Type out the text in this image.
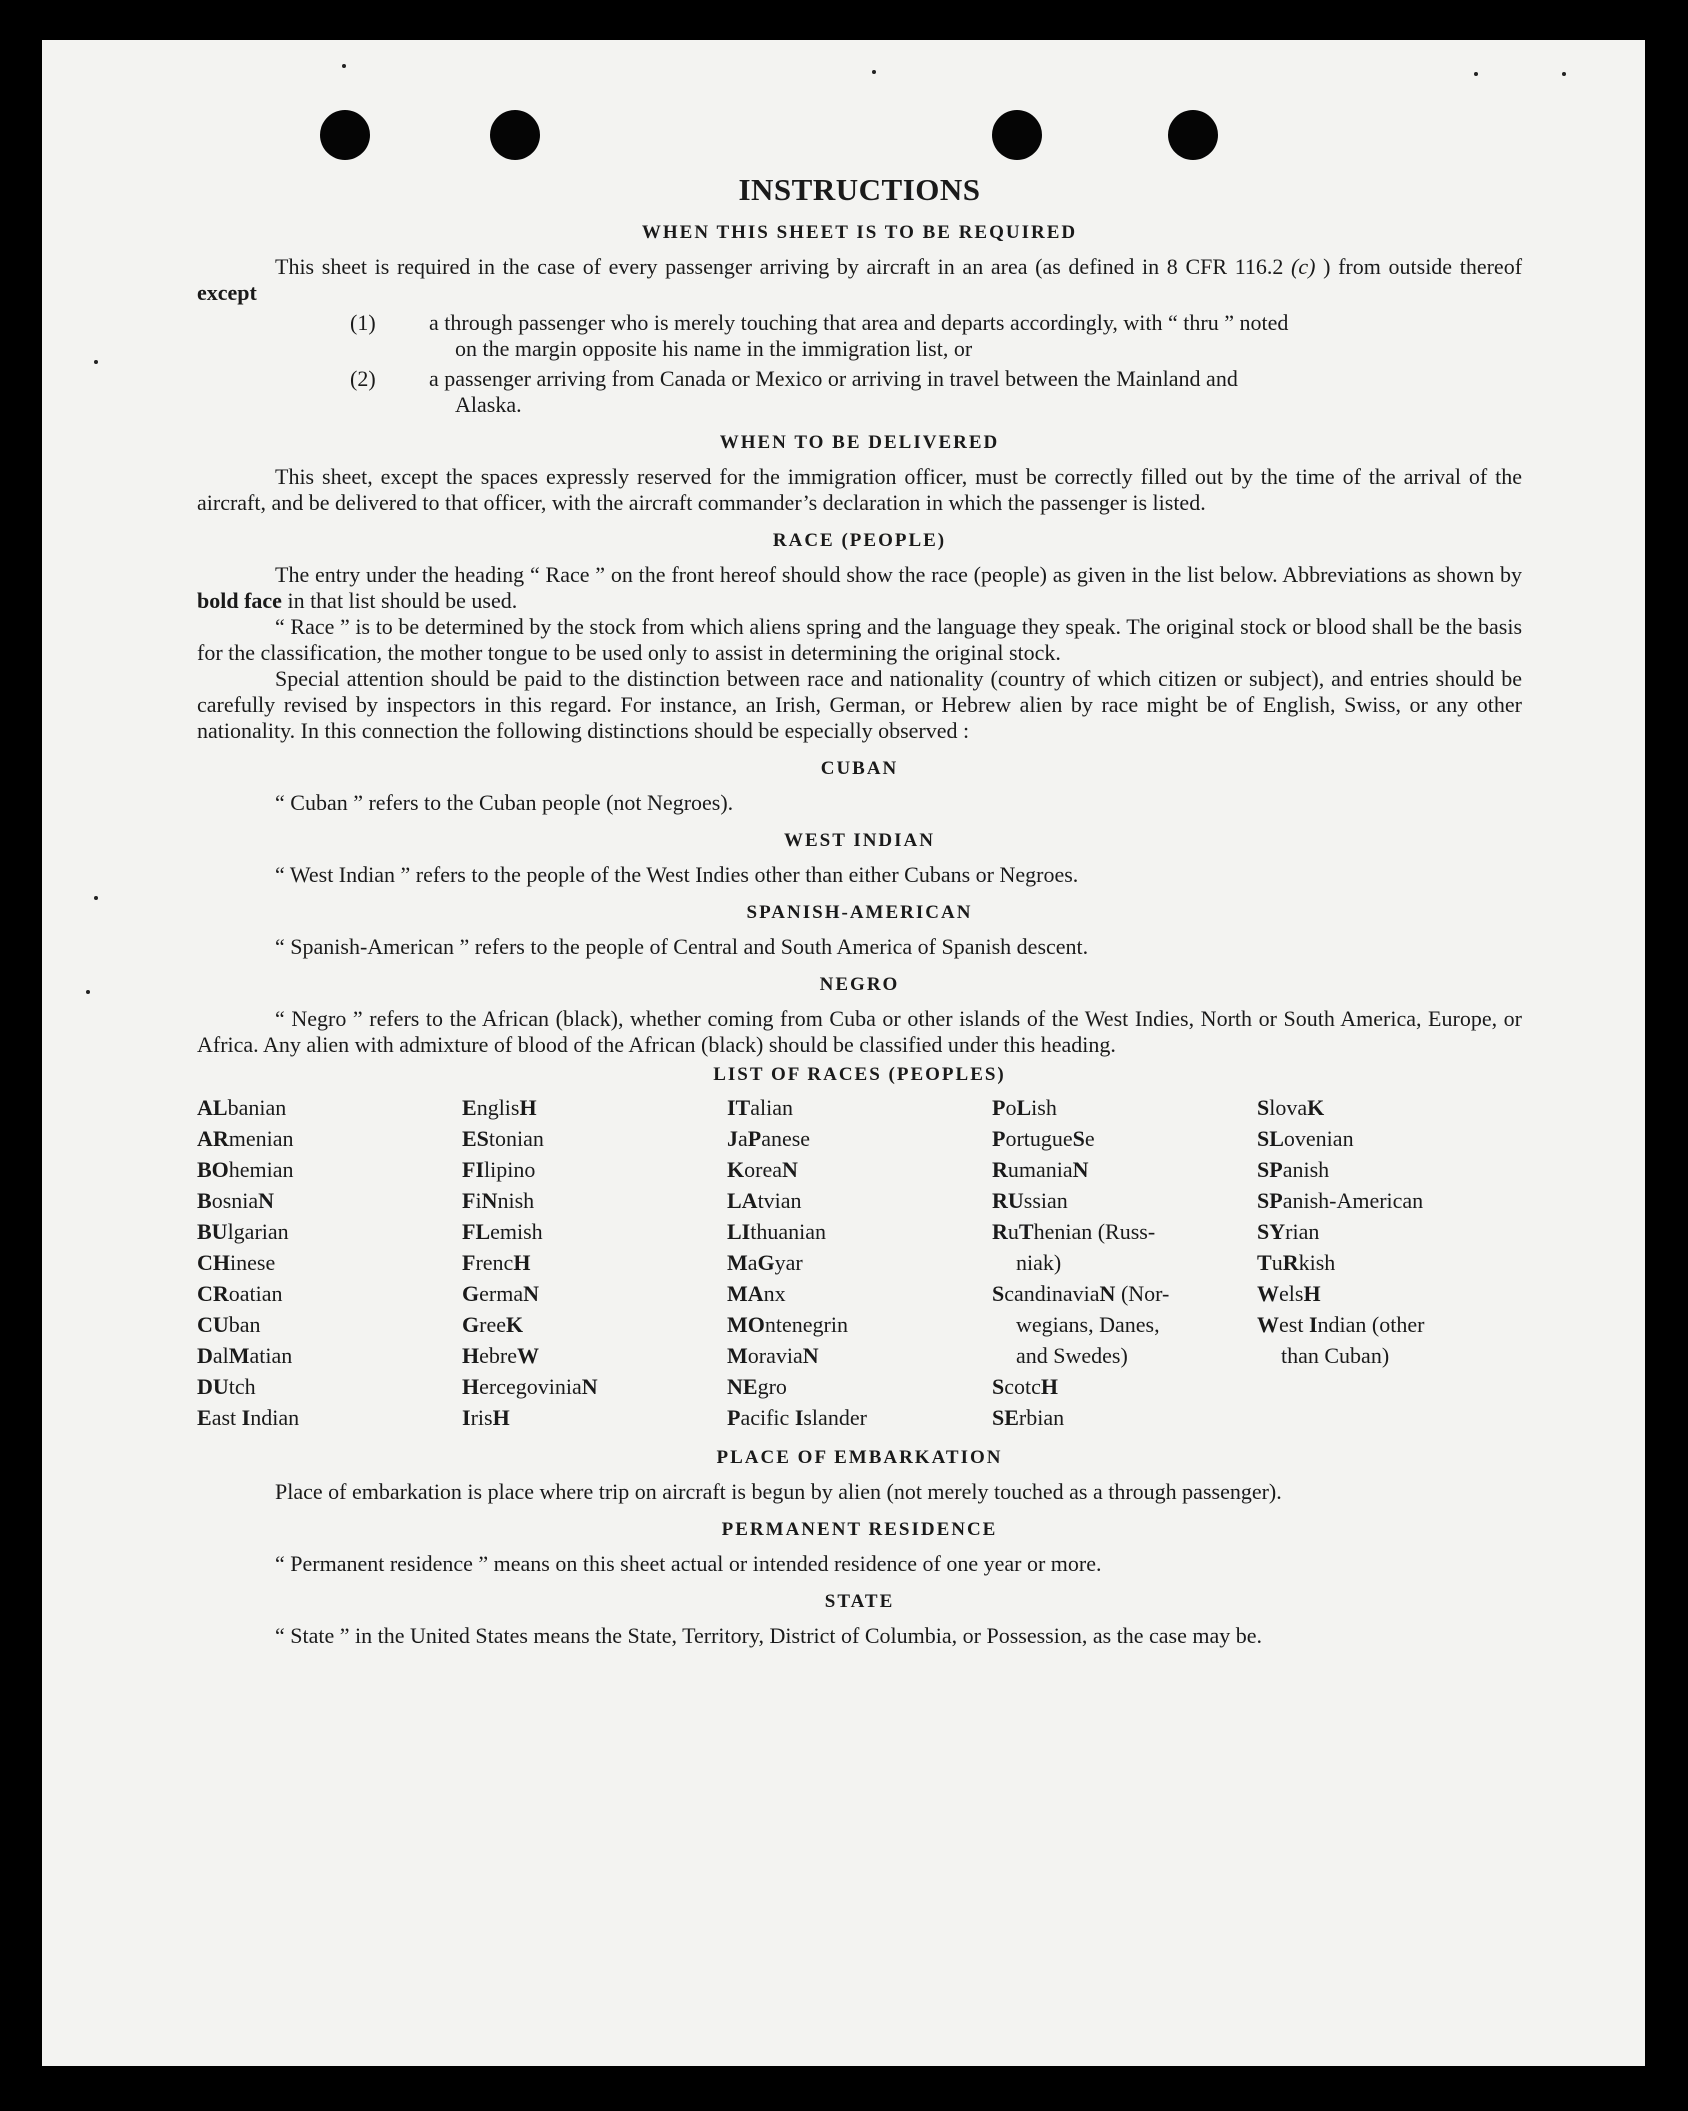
INSTRUCTIONS
WHEN THIS SHEET IS TO BE REQUIRED

This sheet is required in the case of every passenger arriving by aircraft in an area (as defined in 8 CFR 116.2 (c) ) from outside thereof except

(1) a through passenger who is merely touching that area and departs accordingly, with “ thru ” noted
on the margin opposite his name in the immigration list, or
(2) a passenger arriving from Canada or Mexico or arriving in travel between the Mainland and
Alaska.
WHEN TO BE DELIVERED

This sheet, except the spaces expressly reserved for the immigration officer, must be correctly filled out by the time of the arrival of the aircraft, and be delivered to that officer, with the aircraft commander’s declaration in which the passenger is listed.

RACE (PEOPLE)

The entry under the heading “ Race ” on the front hereof should show the race (people) as given in the list below. Abbreviations as shown by bold face in that list should be used.

“ Race ” is to be determined by the stock from which aliens spring and the language they speak. The original stock or blood shall be the basis for the classification, the mother tongue to be used only to assist in determining the original stock.

Special attention should be paid to the distinction between race and nationality (country of which citizen or subject), and entries should be carefully revised by inspectors in this regard. For instance, an Irish, German, or Hebrew alien by race might be of English, Swiss, or any other nationality. In this connection the following distinctions should be especially observed :

CUBAN

“ Cuban ” refers to the Cuban people (not Negroes).

WEST INDIAN

“ West Indian ” refers to the people of the West Indies other than either Cubans or Negroes.

SPANISH-AMERICAN

“ Spanish-American ” refers to the people of Central and South America of Spanish descent.

NEGRO

“ Negro ” refers to the African (black), whether coming from Cuba or other islands of the West Indies, North or South America, Europe, or Africa. Any alien with admixture of blood of the African (black) should be classified under this heading.

LIST OF RACES (PEOPLES)
ALbanian
ARmenian
BOhemian
BosniaN
BUlgarian
CHinese
CRoatian
CUban
DalMatian
DUtch
East Indian
EnglisH
EStonian
FIlipino
FiNnish
FLemish
FrencH
GermaN
GreeK
HebreW
HercegoviniaN
IrisH
ITalian
JaPanese
KoreaN
LAtvian
LIthuanian
MaGyar
MAnx
MOntenegrin
MoraviaN
NEgro
Pacific Islander
PoLish
PortugueSe
RumaniaN
RUssian
RuThenian (Russ-
niak)
ScandinaviaN (Nor-
wegians, Danes,
and Swedes)
ScotcH
SErbian
SlovaK
SLovenian
SPanish
SPanish-American
SYrian
TuRkish
WelsH
West Indian (other
than Cuban)
PLACE OF EMBARKATION

Place of embarkation is place where trip on aircraft is begun by alien (not merely touched as a through passenger).

PERMANENT RESIDENCE

“ Permanent residence ” means on this sheet actual or intended residence of one year or more.

STATE

“ State ” in the United States means the State, Territory, District of Columbia, or Possession, as the case may be.
